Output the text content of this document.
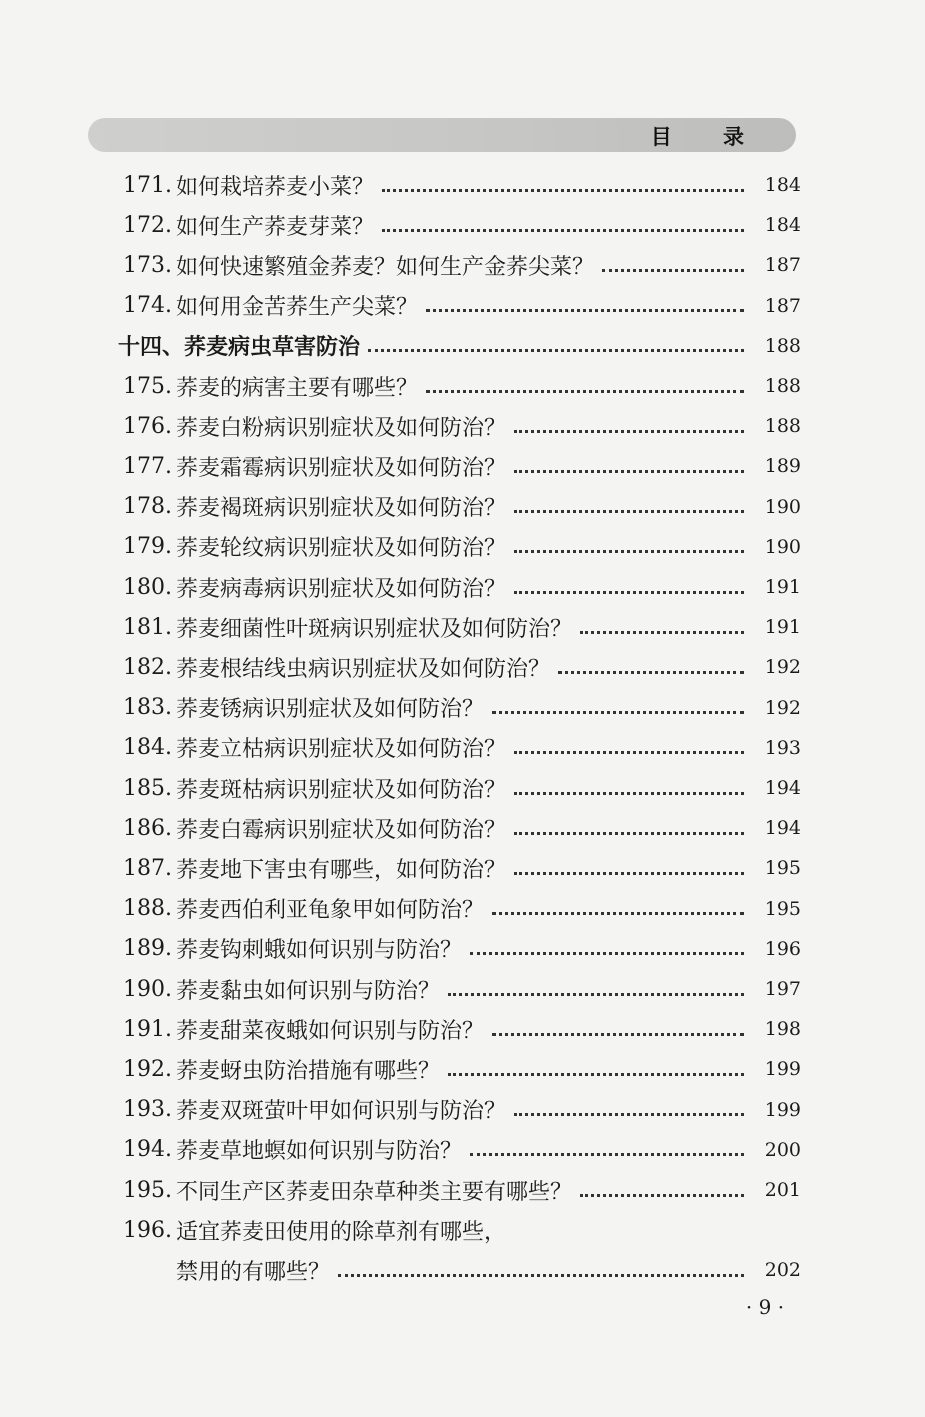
目 录
171. 如何栽培荞麦小菜？	184
172. 如何生产荞麦芽菜？	184
173. 如何快速繁殖金荞麦？如何生产金荞尖菜？	187
174. 如何用金苦荞生产尖菜？	187
十四、荞麦病虫草害防治	188
175. 荞麦的病害主要有哪些？	188
176. 荞麦白粉病识别症状及如何防治？	188
177. 荞麦霜霉病识别症状及如何防治？	189
178. 荞麦褐斑病识别症状及如何防治？	190
179. 荞麦轮纹病识别症状及如何防治？	190
180. 荞麦病毒病识别症状及如何防治？	191
181. 荞麦细菌性叶斑病识别症状及如何防治？	191
182. 荞麦根结线虫病识别症状及如何防治？	192
183. 荞麦锈病识别症状及如何防治？	192
184. 荞麦立枯病识别症状及如何防治？	193
185. 荞麦斑枯病识别症状及如何防治？	194
186. 荞麦白霉病识别症状及如何防治？	194
187. 荞麦地下害虫有哪些，如何防治？	195
188. 荞麦西伯利亚龟象甲如何防治？	195
189. 荞麦钩刺蛾如何识别与防治？	196
190. 荞麦黏虫如何识别与防治？	197
191. 荞麦甜菜夜蛾如何识别与防治？	198
192. 荞麦蚜虫防治措施有哪些？	199
193. 荞麦双斑萤叶甲如何识别与防治？	199
194. 荞麦草地螟如何识别与防治？	200
195. 不同生产区荞麦田杂草种类主要有哪些？	201
196. 适宜荞麦田使用的除草剂有哪些，
禁用的有哪些？	202
· 9 ·
